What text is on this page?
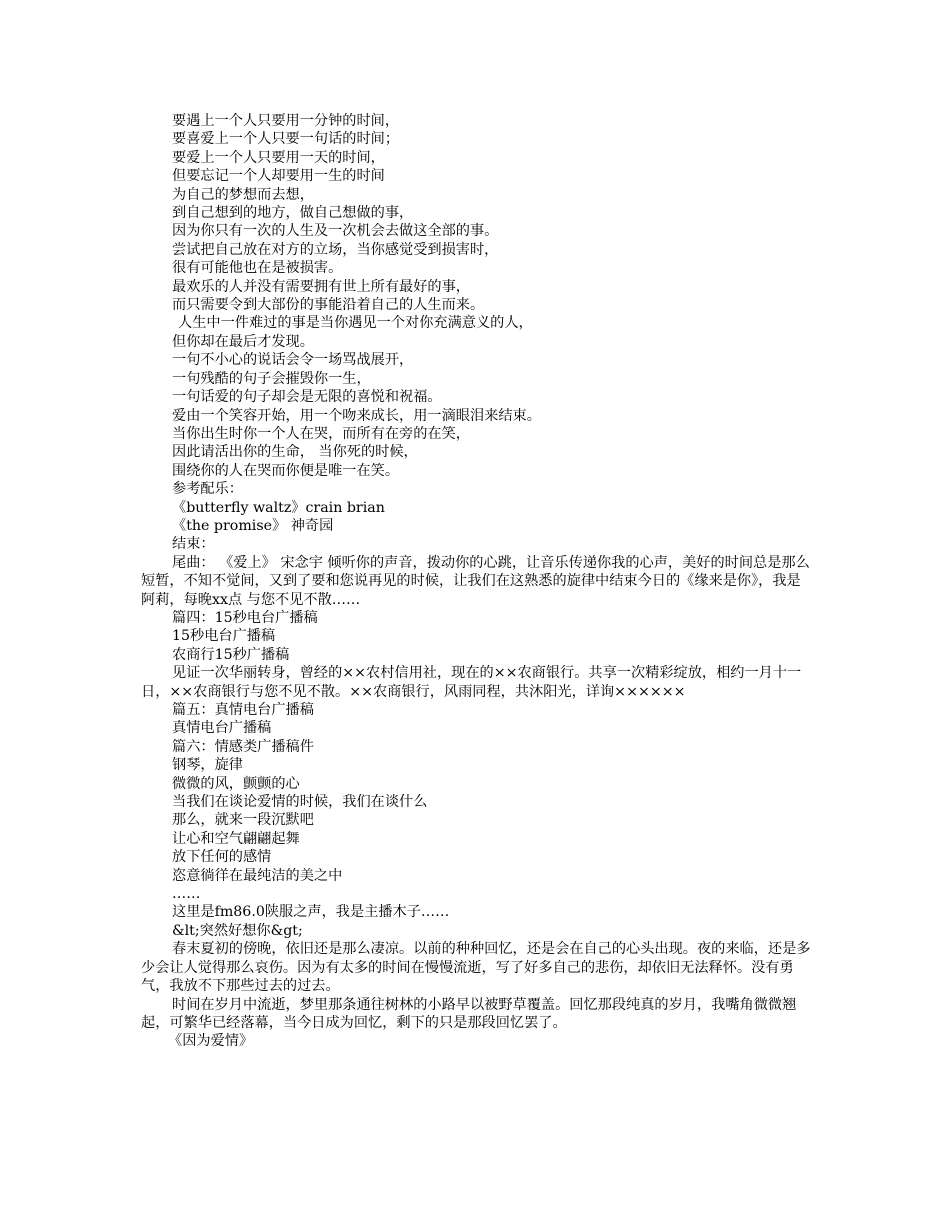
要遇上一个人只要用一分钟的时间，

要喜爱上一个人只要一句话的时间；

要爱上一个人只要用一天的时间，

但要忘记一个人却要用一生的时间

为自己的梦想而去想，

到自己想到的地方，做自己想做的事，

因为你只有一次的人生及一次机会去做这全部的事。

尝试把自己放在对方的立场，当你感觉受到损害时，

很有可能他也在是被损害。

最欢乐的人并没有需要拥有世上所有最好的事，

而只需要令到大部份的事能沿着自己的人生而来。

人生中一件难过的事是当你遇见一个对你充满意义的人，

但你却在最后才发现。

一句不小心的说话会令一场骂战展开，

一句残酷的句子会摧毁你一生，

一句话爱的句子却会是无限的喜悦和祝福。

爱由一个笑容开始，用一个吻来成长，用一滴眼泪来结束。

当你出生时你一个人在哭，而所有在旁的在笑，

因此请活出你的生命， 当你死的时候，

围绕你的人在哭而你便是唯一在笑。

参考配乐：

《butterfly waltz》crain brian

《the promise》 神奇园

结束：

尾曲： 《爱上》 宋念宇 倾听你的声音，拨动你的心跳，让音乐传递你我的心声，美好的时间总是那么短暂，不知不觉间，又到了要和您说再见的时候，让我们在这熟悉的旋律中结束今日的《缘来是你》，我是阿莉，每晚xx点 与您不见不散……

篇四：15秒电台广播稿

15秒电台广播稿

农商行15秒广播稿

见证一次华丽转身，曾经的××农村信用社，现在的××农商银行。共享一次精彩绽放，相约一月十一日，××农商银行与您不见不散。××农商银行，风雨同程，共沐阳光，详询××××××

篇五：真情电台广播稿

真情电台广播稿

篇六：情感类广播稿件

钢琴，旋律

微微的风，颤颤的心

当我们在谈论爱情的时候，我们在谈什么

那么，就来一段沉默吧

让心和空气翩翩起舞

放下任何的感情

恣意徜徉在最纯洁的美之中

……

这里是fm86.0陕服之声，我是主播木子……

&lt;突然好想你&gt;

春末夏初的傍晚，依旧还是那么凄凉。以前的种种回忆，还是会在自己的心头出现。夜的来临，还是多少会让人觉得那么哀伤。因为有太多的时间在慢慢流逝，写了好多自己的悲伤，却依旧无法释怀。没有勇气，我放不下那些过去的过去。

时间在岁月中流逝，梦里那条通往树林的小路早以被野草覆盖。回忆那段纯真的岁月，我嘴角微微翘起，可繁华已经落幕，当今日成为回忆，剩下的只是那段回忆罢了。

《因为爱情》
